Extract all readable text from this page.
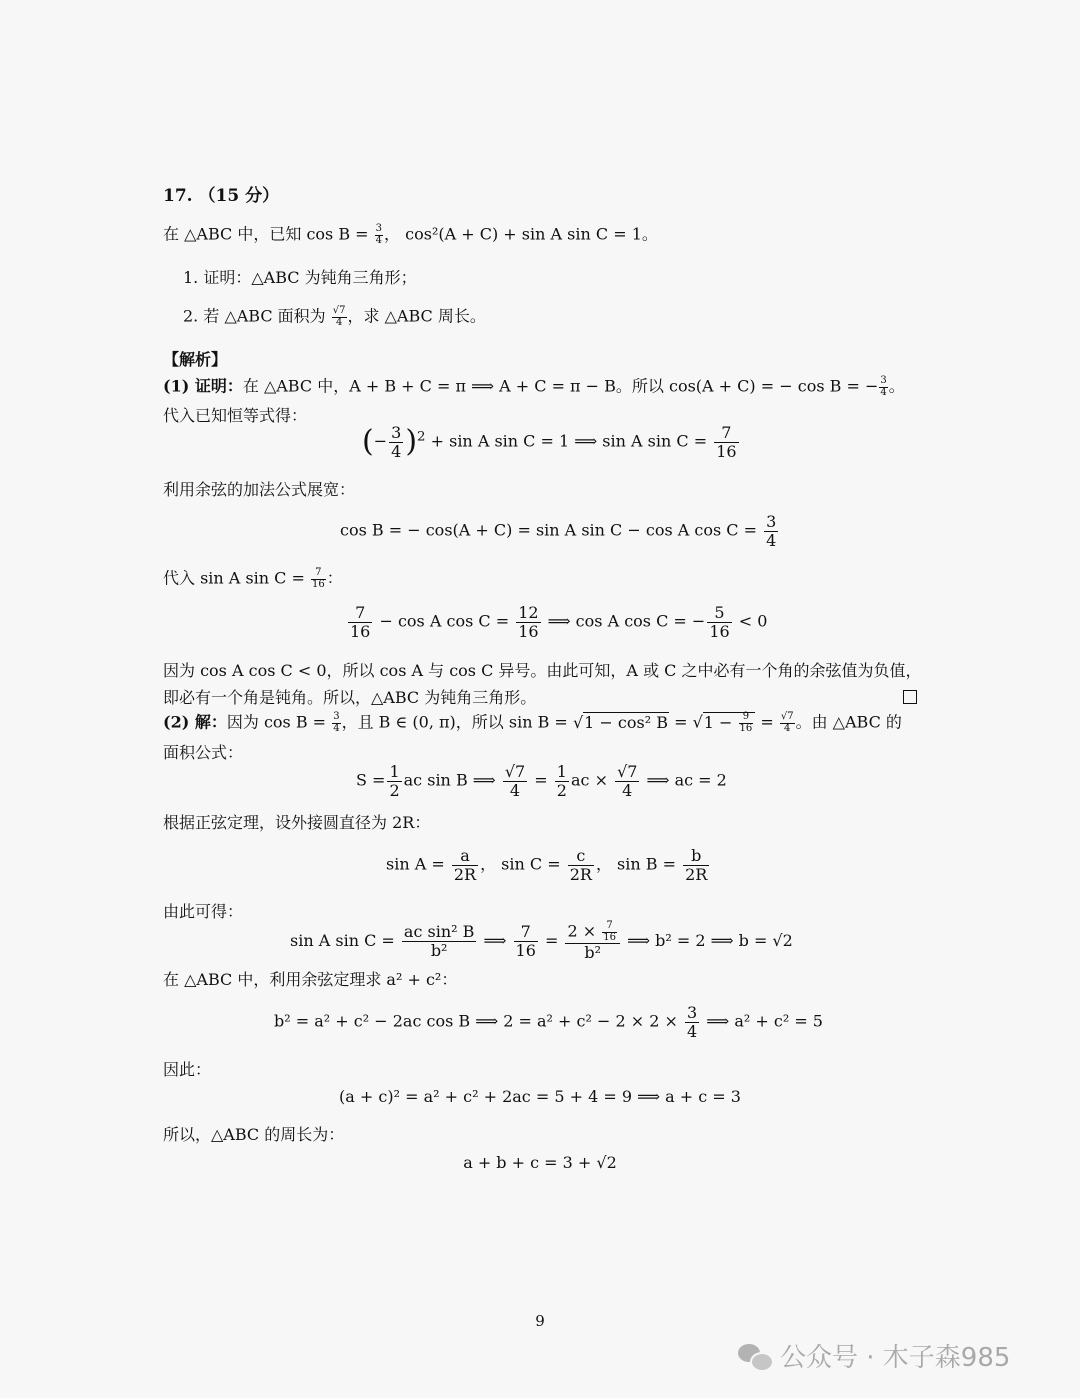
17. （15 分）
在 △ABC 中，已知 $\cos B = \frac{3}{4}$ ， cos²(A + C) + sin A sin C = 1。
1. 证明：△ABC 为钝角三角形；
2. 若 △ABC 面积为 $\frac{√7}{4}$ ，求 △ABC 周长。
【解析】
(1) 证明：在 △ABC 中，A + B + C = π ⟹ A + C = π − B。所以 cos(A + C) = − cos B = − $\frac{3}{4}$ 。
代入已知恒等式得：
(− $\frac{3}{4} )^2 + \sin A$ sin C = 1 ⟹ sin A $\sin C = \frac{7}{16}$
利用余弦的加法公式展宽：
cos B = − cos(A + C) = sin A sin C − cos A $\cos C = \frac{3}{4}$
代入 sin A $\sin C = \frac{7}{16}$ ：
$\frac{7}{16} - \cos A$ $\cos C = \frac{12}{16}$ ⟹ cos A cos C = − $\frac{5}{16} < 0$
因为 cos A cos C < 0，所以 cos A 与 cos C 异号。由此可知，A 或 C 之中必有一个角的余弦值为负值，
即必有一个角是钝角。所以，△ABC 为钝角三角形。
(2) 解：因为 $\cos B = \frac{3}{4}$ ，且 B ∈ (0, π)，所以 sin B = √1 − cos² $B = √1 - \frac{9}{16} = \frac{√7}{4}$ 。由 △ABC 的
面积公式：
$S = \frac{1}{2}$ ac sin B ⟹ $\frac{√7}{4} = \frac{1}{2}$ ac × $\frac{√7}{4}$ ⟹ ac = 2
根据正弦定理，设外接圆直径为 2R：
$\sin A = \frac{a}{2R}$ ， $\sin C = \frac{c}{2R}$ ， $\sin B = \frac{b}{2R}$
由此可得：
sin A $\sin C = \frac{\text{ac sin² B}}{\text{b²}}$ ⟹ $\frac{7}{16} = \frac{2 \times \frac{7}{16}}{\text{b²}}$ ⟹ b² = 2 ⟹ b = √2
在 △ABC 中，利用余弦定理求 a² + c²：
b² = a² + c² − 2ac cos B ⟹ $2 = a^2 + c^2 - 2 \times 2 \times \frac{3}{4}$ ⟹ a² + c² = 5
因此：
(a + c)² = a² + c² + 2ac = 5 + 4 = 9 ⟹ a + c = 3
所以，△ABC 的周长为：
a + b + c = 3 + √2
9
公众号 · 木子森985
